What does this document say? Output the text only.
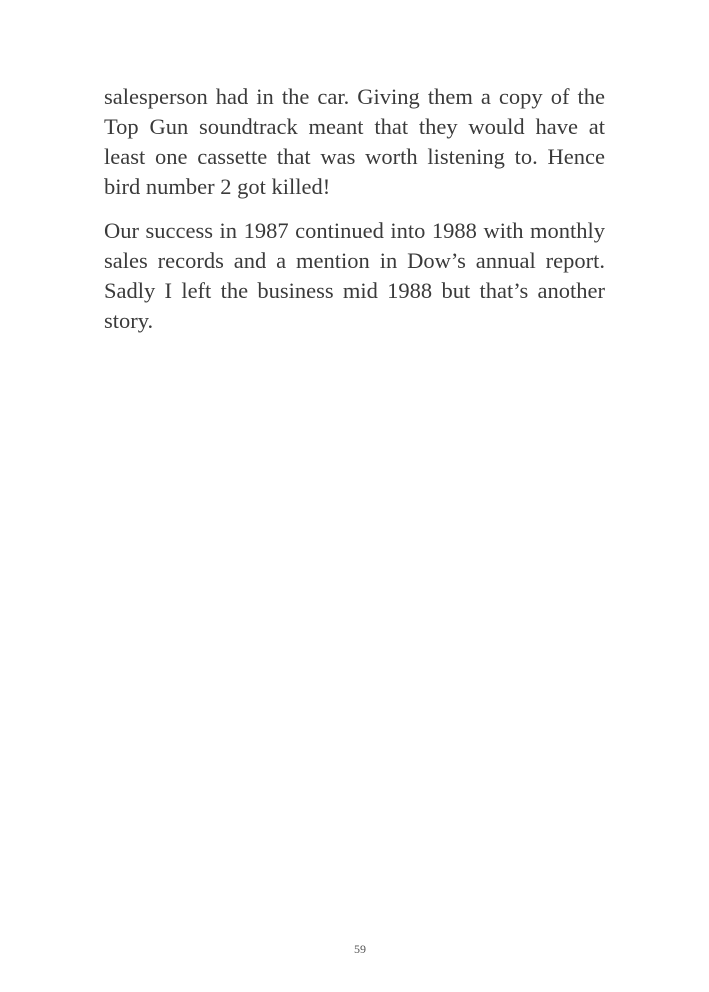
salesperson had in the car. Giving them a copy of the Top Gun soundtrack meant that they would have at least one cassette that was worth listening to. Hence bird number 2 got killed!

Our success in 1987 continued into 1988 with monthly sales records and a mention in Dow’s annual report. Sadly I left the business mid 1988 but that’s another story.

59
